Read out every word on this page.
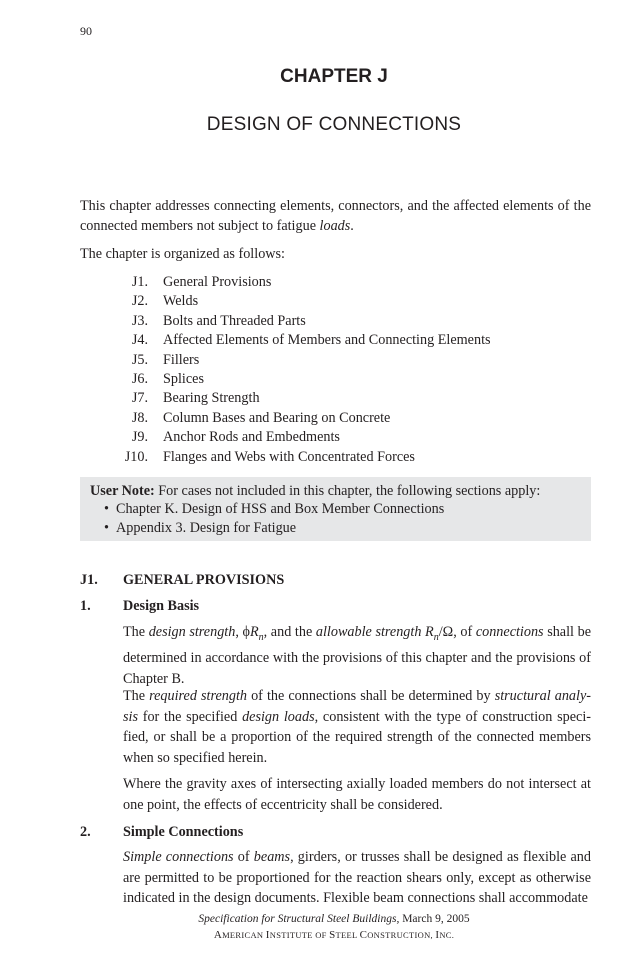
90
CHAPTER J
DESIGN OF CONNECTIONS
This chapter addresses connecting elements, connectors, and the affected elements of the connected members not subject to fatigue loads.
The chapter is organized as follows:
J1. General Provisions
J2. Welds
J3. Bolts and Threaded Parts
J4. Affected Elements of Members and Connecting Elements
J5. Fillers
J6. Splices
J7. Bearing Strength
J8. Column Bases and Bearing on Concrete
J9. Anchor Rods and Embedments
J10. Flanges and Webs with Concentrated Forces
User Note: For cases not included in this chapter, the following sections apply:
• Chapter K. Design of HSS and Box Member Connections
• Appendix 3. Design for Fatigue
J1. GENERAL PROVISIONS
1. Design Basis
The design strength, $\phi R_n$, and the allowable strength $R_n/\Omega$, of connections shall be determined in accordance with the provisions of this chapter and the provisions of Chapter B.
The required strength of the connections shall be determined by structural analy-sis for the specified design loads, consistent with the type of construction speci-fied, or shall be a proportion of the required strength of the connected members when so specified herein.
Where the gravity axes of intersecting axially loaded members do not intersect at one point, the effects of eccentricity shall be considered.
2. Simple Connections
Simple connections of beams, girders, or trusses shall be designed as flexible and are permitted to be proportioned for the reaction shears only, except as otherwise indicated in the design documents. Flexible beam connections shall accommodate
Specification for Structural Steel Buildings, March 9, 2005
AMERICAN INSTITUTE OF STEEL CONSTRUCTION, INC.
